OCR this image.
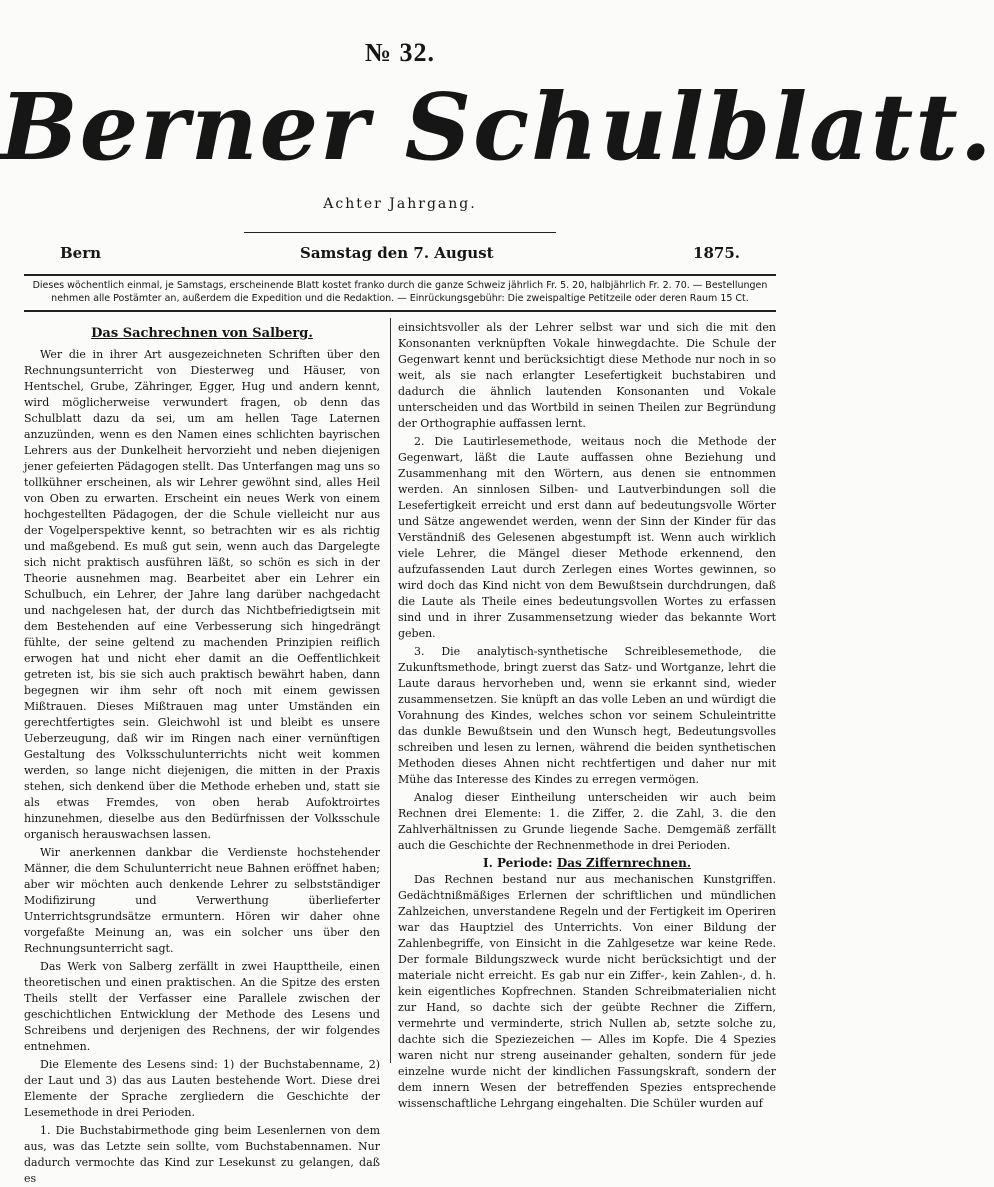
№ 32.
Berner Schulblatt.
Achter Jahrgang.
Bern	Samstag den 7. August	1875.
Dieses wöchentlich einmal, je Samstags, erscheinende Blatt kostet franko durch die ganze Schweiz jährlich Fr. 5. 20, halbjährlich Fr. 2. 70. — Bestellungen nehmen alle Postämter an, außerdem die Expedition und die Redaktion. — Einrückungsgebühr: Die zweispaltige Petitzeile oder deren Raum 15 Ct.
Das Sachrechnen von Salberg.

Wer die in ihrer Art ausgezeichneten Schriften über den Rechnungsunterricht von Diesterweg und Häuser, von Hentschel, Grube, Zähringer, Egger, Hug und andern kennt, wird möglicherweise verwundert fragen, ob denn das Schulblatt dazu da sei, um am hellen Tage Laternen anzuzünden, wenn es den Namen eines schlichten bayrischen Lehrers aus der Dunkelheit hervorzieht und neben diejenigen jener gefeierten Pädagogen stellt. Das Unterfangen mag uns so tollkühner erscheinen, als wir Lehrer gewöhnt sind, alles Heil von Oben zu erwarten. Erscheint ein neues Werk von einem hochgestellten Pädagogen, der die Schule vielleicht nur aus der Vogelperspektive kennt, so betrachten wir es als richtig und maßgebend. Es muß gut sein, wenn auch das Dargelegte sich nicht praktisch ausführen läßt, so schön es sich in der Theorie ausnehmen mag. Bearbeitet aber ein Lehrer ein Schulbuch, ein Lehrer, der Jahre lang darüber nachgedacht und nachgelesen hat, der durch das Nichtbefriedigtsein mit dem Bestehenden auf eine Verbesserung sich hingedrängt fühlte, der seine geltend zu machenden Prinzipien reiflich erwogen hat und nicht eher damit an die Oeffentlichkeit getreten ist, bis sie sich auch praktisch bewährt haben, dann begegnen wir ihm sehr oft noch mit einem gewissen Mißtrauen. Dieses Mißtrauen mag unter Umständen ein gerechtfertigtes sein. Gleichwohl ist und bleibt es unsere Ueberzeugung, daß wir im Ringen nach einer vernünftigen Gestaltung des Volksschulunterrichts nicht weit kommen werden, so lange nicht diejenigen, die mitten in der Praxis stehen, sich denkend über die Methode erheben und, statt sie als etwas Fremdes, von oben herab Aufoktroirtes hinzunehmen, dieselbe aus den Bedürfnissen der Volksschule organisch herauswachsen lassen.

Wir anerkennen dankbar die Verdienste hochstehender Männer, die dem Schulunterricht neue Bahnen eröffnet haben; aber wir möchten auch denkende Lehrer zu selbstständiger Modifizirung und Verwerthung überlieferter Unterrichtsgrundsätze ermuntern. Hören wir daher ohne vorgefaßte Meinung an, was ein solcher uns über den Rechnungsunterricht sagt.

Das Werk von Salberg zerfällt in zwei Haupttheile, einen theoretischen und einen praktischen. An die Spitze des ersten Theils stellt der Verfasser eine Parallele zwischen der geschichtlichen Entwicklung der Methode des Lesens und Schreibens und derjenigen des Rechnens, der wir folgendes entnehmen.

Die Elemente des Lesens sind: 1) der Buchstabenname, 2) der Laut und 3) das aus Lauten bestehende Wort. Diese drei Elemente der Sprache zergliedern die Geschichte der Lesemethode in drei Perioden.

1. Die Buchstabirmethode ging beim Lesenlernen von dem aus, was das Letzte sein sollte, vom Buchstabennamen. Nur dadurch vermochte das Kind zur Lesekunst zu gelangen, daß es

einsichtsvoller als der Lehrer selbst war und sich die mit den Konsonanten verknüpften Vokale hinwegdachte. Die Schule der Gegenwart kennt und berücksichtigt diese Methode nur noch in so weit, als sie nach erlangter Lesefertigkeit buchstabiren und dadurch die ähnlich lautenden Konsonanten und Vokale unterscheiden und das Wortbild in seinen Theilen zur Begründung der Orthographie auffassen lernt.

2. Die Lautirlesemethode, weitaus noch die Methode der Gegenwart, läßt die Laute auffassen ohne Beziehung und Zusammenhang mit den Wörtern, aus denen sie entnommen werden. An sinnlosen Silben- und Lautverbindungen soll die Lesefertigkeit erreicht und erst dann auf bedeutungsvolle Wörter und Sätze angewendet werden, wenn der Sinn der Kinder für das Verständniß des Gelesenen abgestumpft ist. Wenn auch wirklich viele Lehrer, die Mängel dieser Methode erkennend, den aufzufassenden Laut durch Zerlegen eines Wortes gewinnen, so wird doch das Kind nicht von dem Bewußtsein durchdrungen, daß die Laute als Theile eines bedeutungsvollen Wortes zu erfassen sind und in ihrer Zusammensetzung wieder das bekannte Wort geben.

3. Die analytisch-synthetische Schreiblesemethode, die Zukunftsmethode, bringt zuerst das Satz- und Wortganze, lehrt die Laute daraus hervorheben und, wenn sie erkannt sind, wieder zusammensetzen. Sie knüpft an das volle Leben an und würdigt die Vorahnung des Kindes, welches schon vor seinem Schuleintritte das dunkle Bewußtsein und den Wunsch hegt, Bedeutungsvolles schreiben und lesen zu lernen, während die beiden synthetischen Methoden dieses Ahnen nicht rechtfertigen und daher nur mit Mühe das Interesse des Kindes zu erregen vermögen.

Analog dieser Eintheilung unterscheiden wir auch beim Rechnen drei Elemente: 1. die Ziffer, 2. die Zahl, 3. die den Zahlverhältnissen zu Grunde liegende Sache. Demgemäß zerfällt auch die Geschichte der Rechnenmethode in drei Perioden.

I. Periode: Das Ziffernrechnen.

Das Rechnen bestand nur aus mechanischen Kunstgriffen. Gedächtnißmäßiges Erlernen der schriftlichen und mündlichen Zahlzeichen, unverstandene Regeln und der Fertigkeit im Operiren war das Hauptziel des Unterrichts. Von einer Bildung der Zahlenbegriffe, von Einsicht in die Zahlgesetze war keine Rede. Der formale Bildungszweck wurde nicht berücksichtigt und der materiale nicht erreicht. Es gab nur ein Ziffer-, kein Zahlen-, d. h. kein eigentliches Kopfrechnen. Standen Schreibmaterialien nicht zur Hand, so dachte sich der geübte Rechner die Ziffern, vermehrte und verminderte, strich Nullen ab, setzte solche zu, dachte sich die Speziezeichen — Alles im Kopfe. Die 4 Spezies waren nicht nur streng auseinander gehalten, sondern für jede einzelne wurde nicht der kindlichen Fassungskraft, sondern der dem innern Wesen der betreffenden Spezies entsprechende wissenschaftliche Lehrgang eingehalten. Die Schüler wurden auf
